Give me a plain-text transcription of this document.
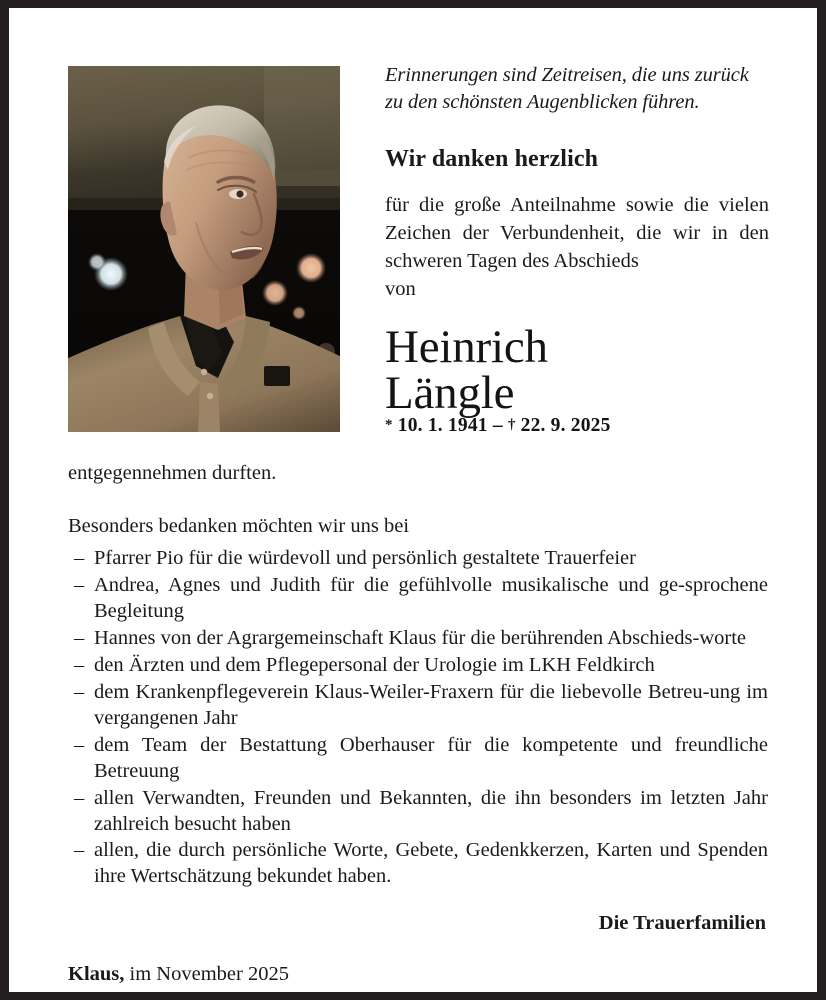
Erinnerungen sind Zeitreisen, die uns zurück
zu den schönsten Augenblicken führen.
Wir danken herzlich

für die große Anteilnahme sowie die vielen Zeichen der Verbundenheit, die wir in den schweren Tagen des Abschieds
von

Heinrich
Längle
* 10. 1. 1941 – † 22. 9. 2025

entgegennehmen durften.

Besonders bedanken möchten wir uns bei

– Pfarrer Pio für die würdevoll und persönlich gestaltete Trauerfeier
– Andrea, Agnes und Judith für die gefühlvolle musikalische und ge-​sprochene Begleitung
– Hannes von der Agrargemeinschaft Klaus für die berührenden Abschieds-​worte
– den Ärzten und dem Pflegepersonal der Urologie im LKH Feldkirch
– dem Krankenpflegeverein Klaus-Weiler-Fraxern für die liebevolle Betreu-​ung im vergangenen Jahr
– dem Team der Bestattung Oberhauser für die kompetente und freundliche Betreuung
– allen Verwandten, Freunden und Bekannten, die ihn besonders im letzten Jahr zahlreich besucht haben
– allen, die durch persönliche Worte, Gebete, Gedenkkerzen, Karten und Spenden ihre Wertschätzung bekundet haben.
Die Trauerfamilien
Klaus, im November 2025
